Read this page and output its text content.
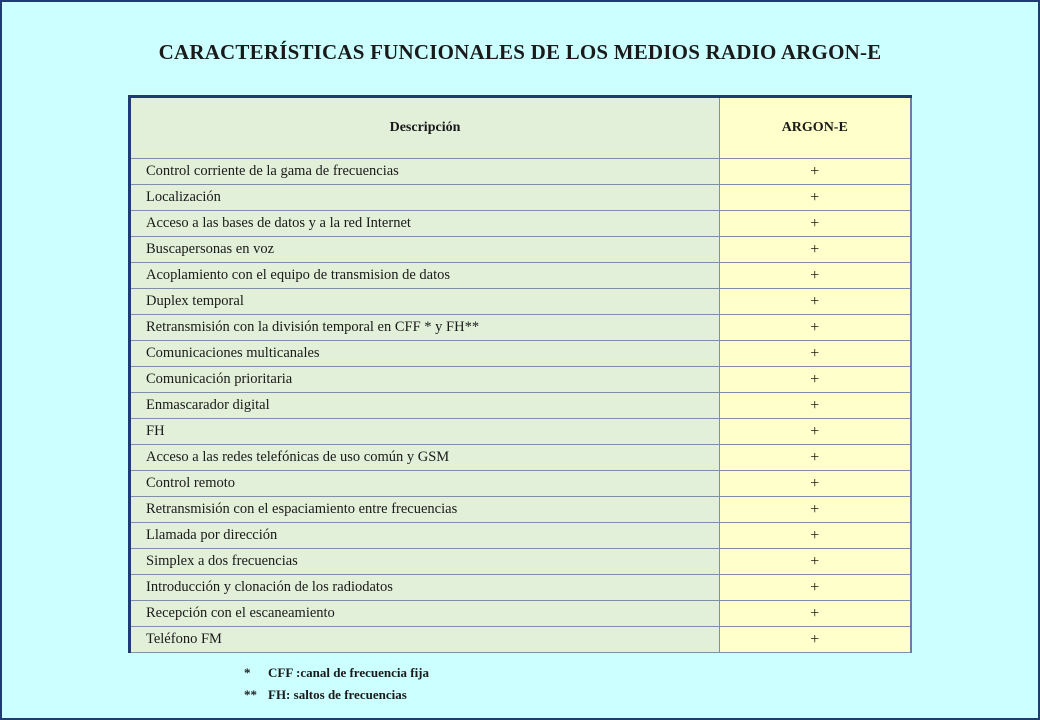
CARACTERÍSTICAS FUNCIONALES DE LOS MEDIOS RADIO ARGON-E
Descripción	ARGON-E
Control corriente de la gama de frecuencias	+
Localización	+
Acceso a las bases de datos y a la red Internet	+
Buscapersonas en voz	+
Acoplamiento con el equipo de transmision de datos	+
Duplex temporal	+
Retransmisión con la división temporal en CFF * y FH**	+
Comunicaciones multicanales	+
Comunicación prioritaria	+
Enmascarador digital	+
FH	+
Acceso a las redes telefónicas de uso común y GSM	+
Control remoto	+
Retransmisión con el espaciamiento entre frecuencias	+
Llamada por dirección	+
Simplex a dos frecuencias	+
Introducción y clonación de los radiodatos	+
Recepción con el escaneamiento	+
Teléfono FM	+
* CFF :canal de frecuencia fija
** FH: saltos de frecuencias
